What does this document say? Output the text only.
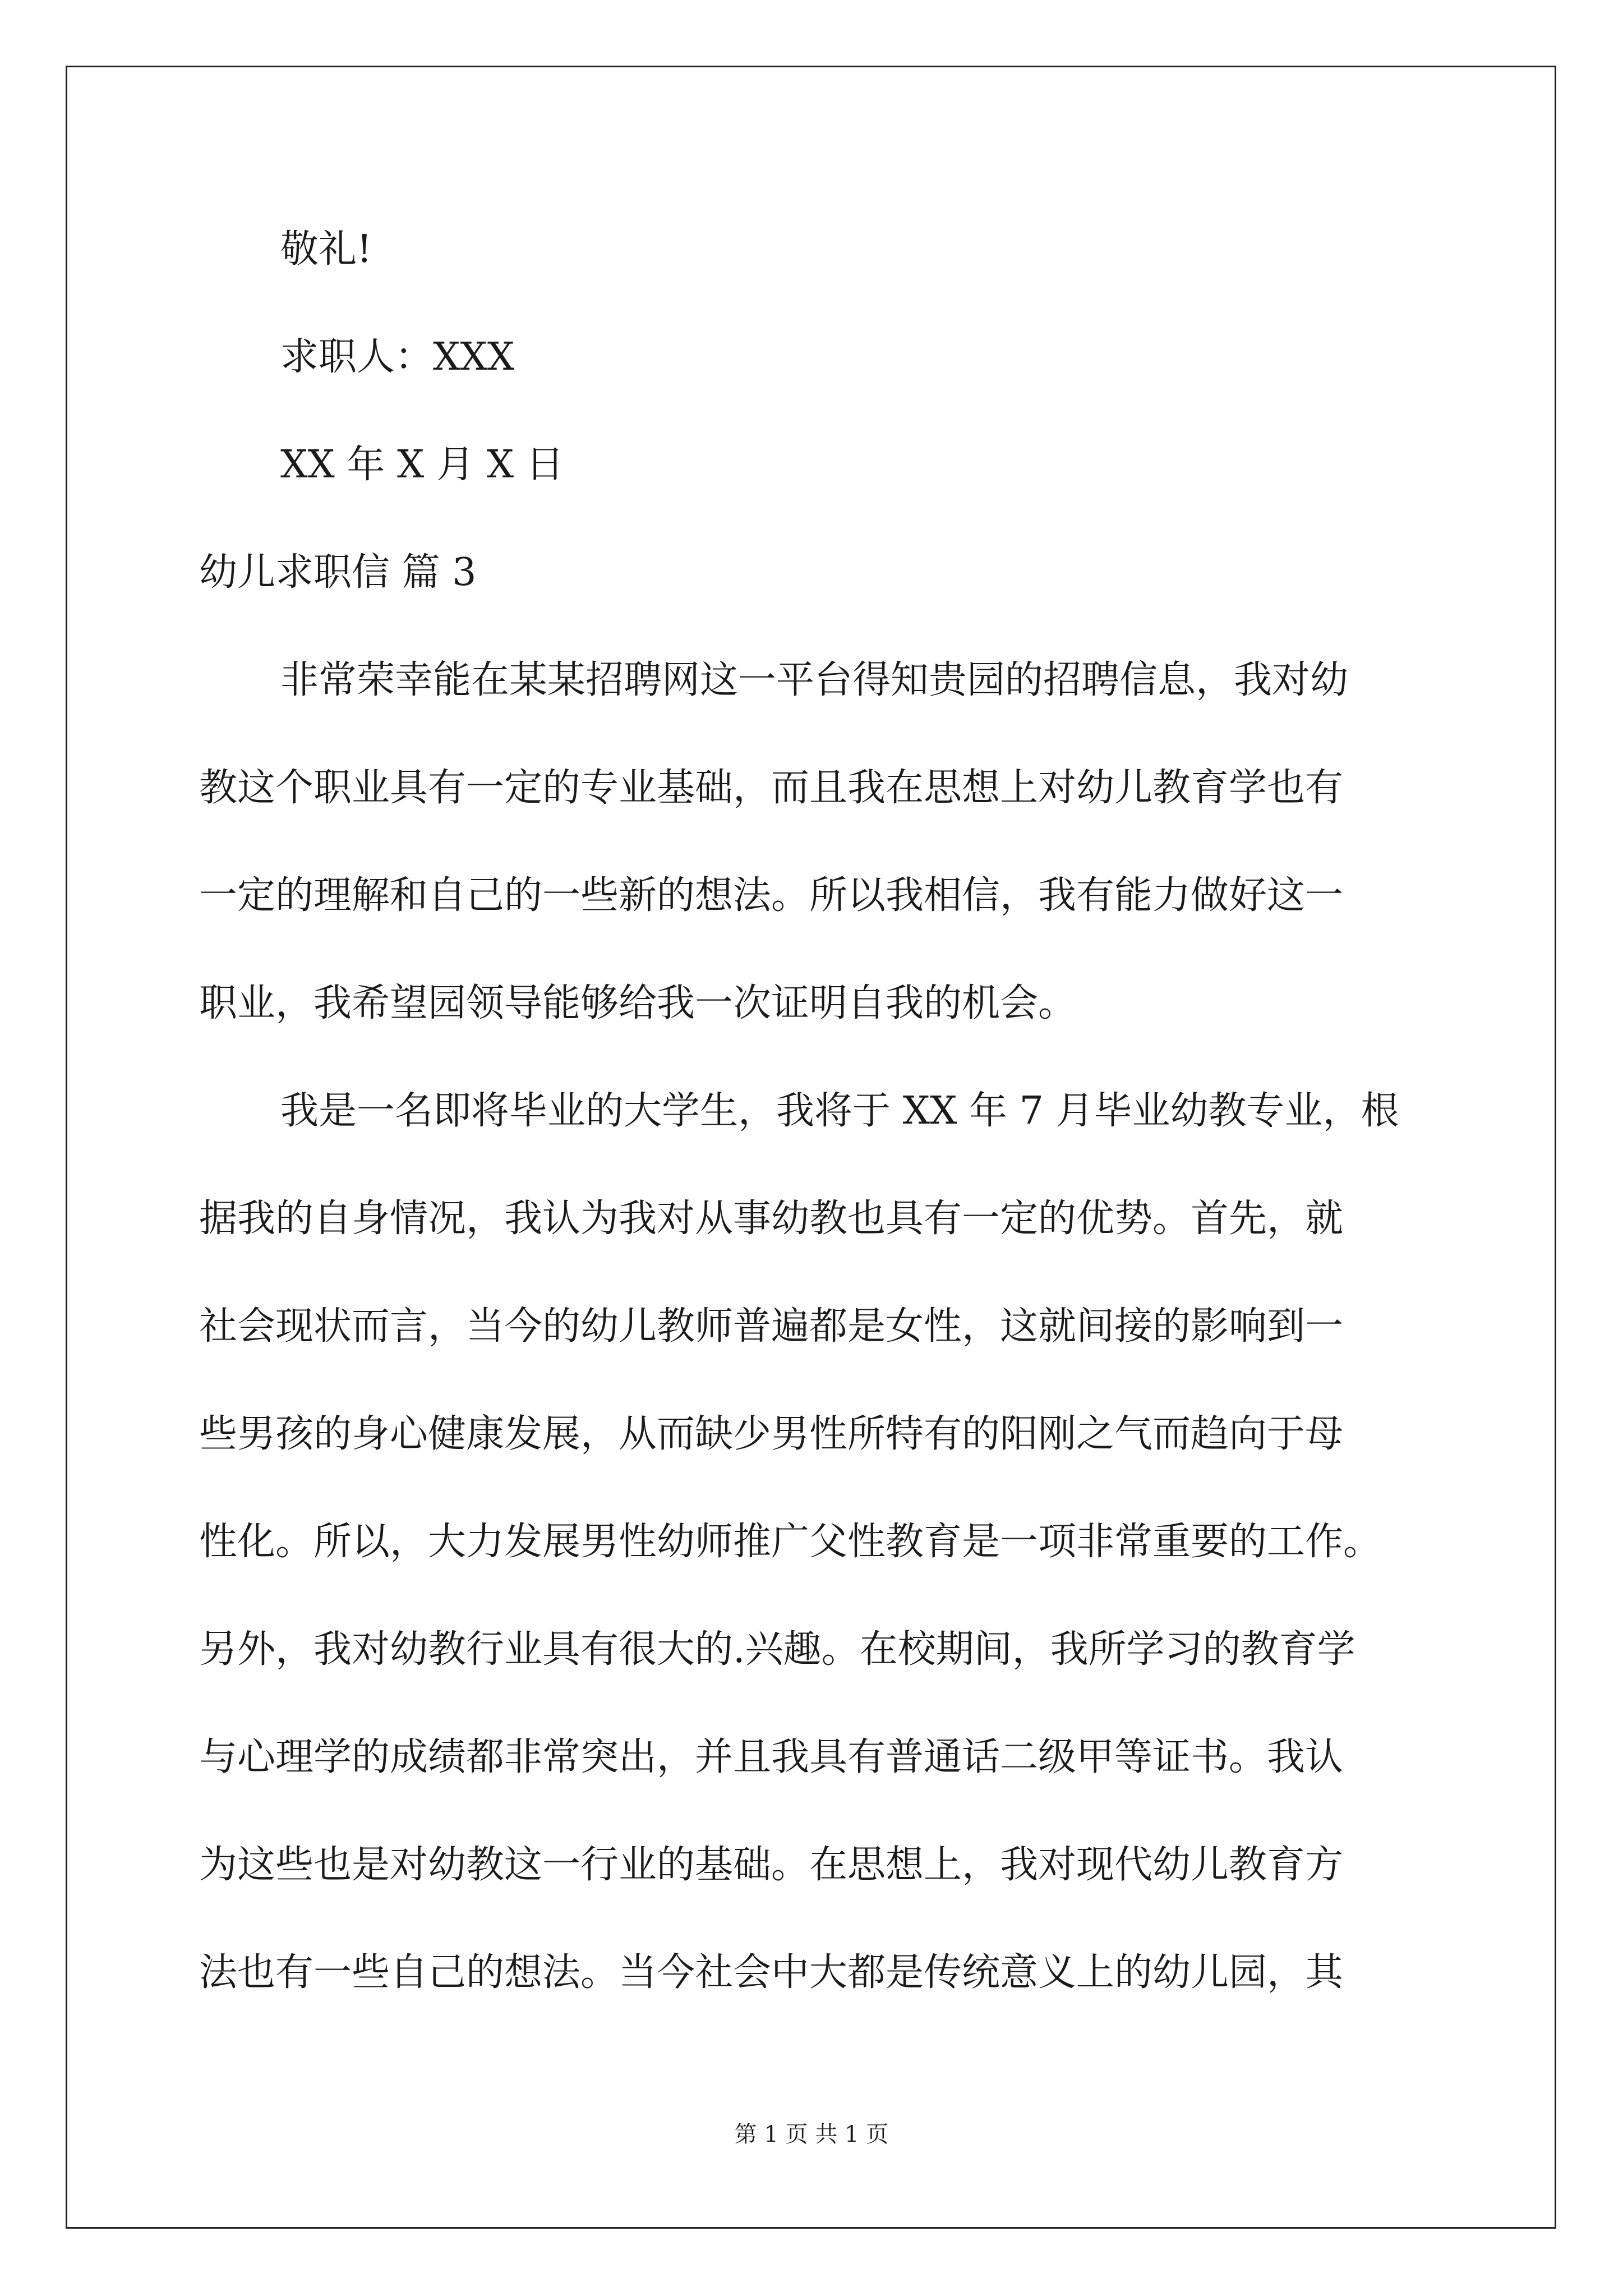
敬礼!
求职人：XXX
XX 年 X 月 X 日
幼儿求职信 篇 3
非常荣幸能在某某招聘网这一平台得知贵园的招聘信息，我对幼
教这个职业具有一定的专业基础，而且我在思想上对幼儿教育学也有
一定的理解和自己的一些新的想法。所以我相信，我有能力做好这一
职业，我希望园领导能够给我一次证明自我的机会。
我是一名即将毕业的大学生，我将于 XX 年 7 月毕业幼教专业，根
据我的自身情况，我认为我对从事幼教也具有一定的优势。首先，就
社会现状而言，当今的幼儿教师普遍都是女性，这就间接的影响到一
些男孩的身心健康发展，从而缺少男性所特有的阳刚之气而趋向于母
性化。所以，大力发展男性幼师推广父性教育是一项非常重要的工作。
另外，我对幼教行业具有很大的.兴趣。在校期间，我所学习的教育学
与心理学的成绩都非常突出，并且我具有普通话二级甲等证书。我认
为这些也是对幼教这一行业的基础。在思想上，我对现代幼儿教育方
法也有一些自己的想法。当今社会中大都是传统意义上的幼儿园，其
第 1 页 共 1 页
